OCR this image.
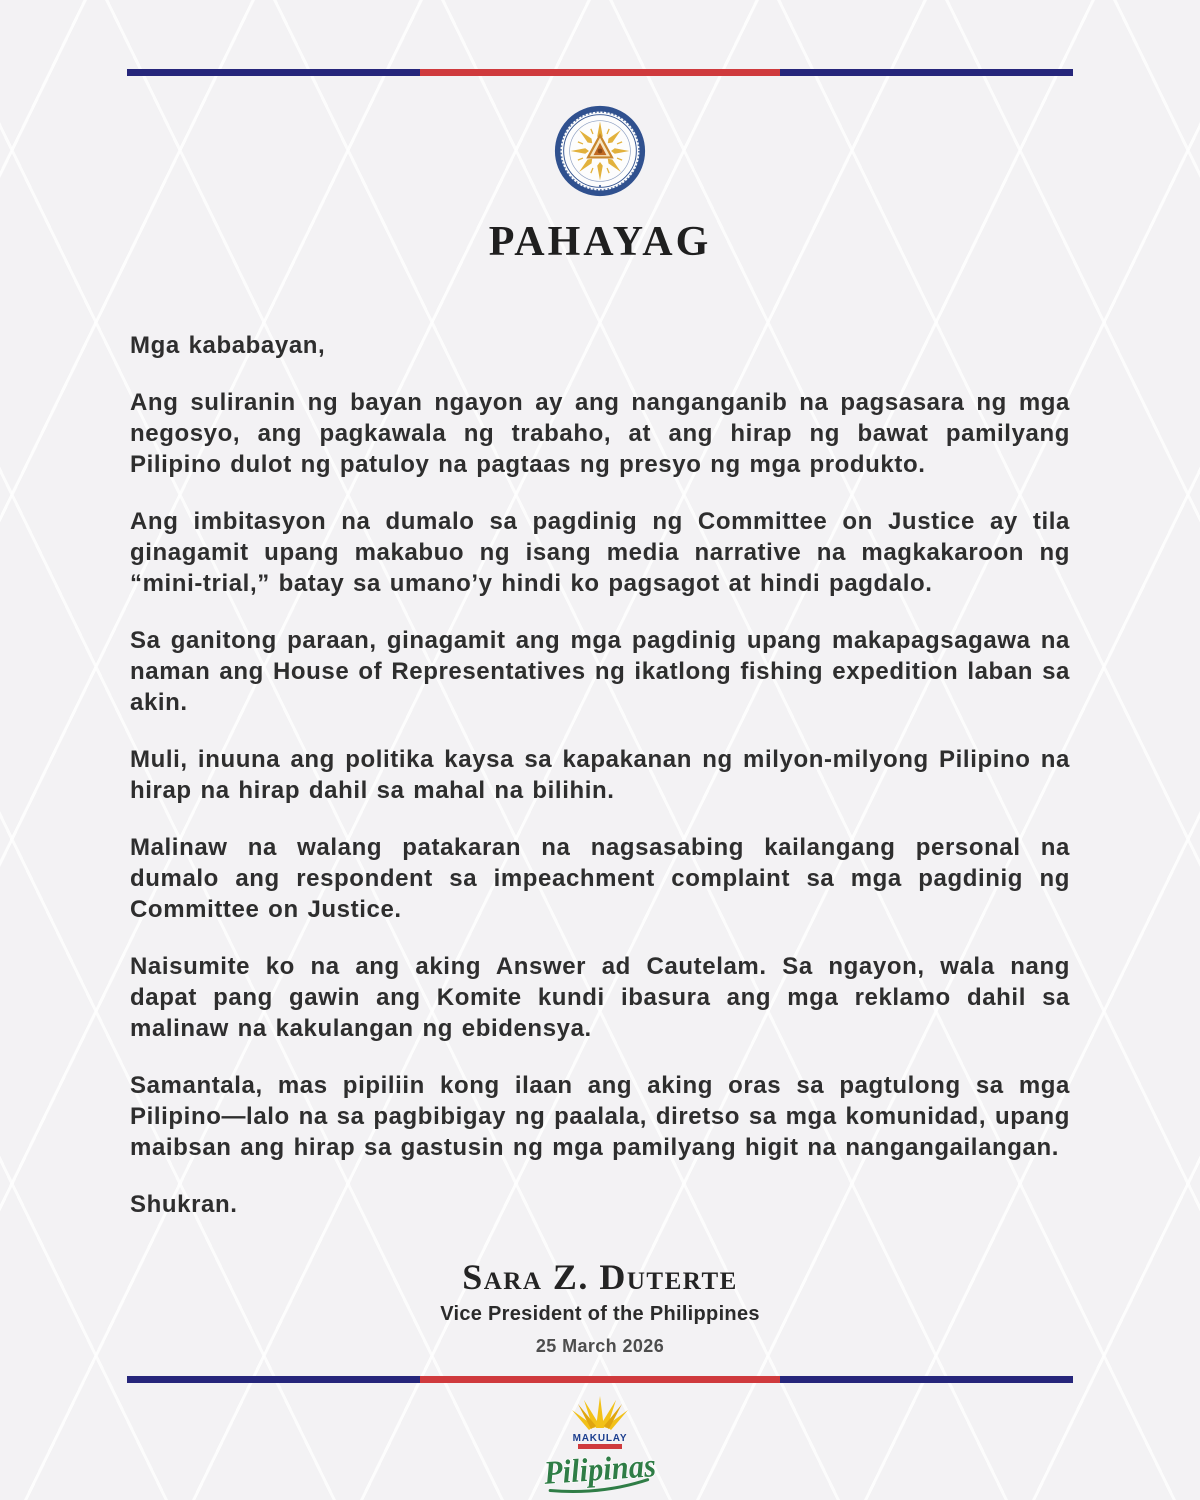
PAHAYAG

Mga kababayan,

Ang suliranin ng bayan ngayon ay ang nanganganib na pagsasara ng mga negosyo, ang pagkawala ng trabaho, at ang hirap ng bawat pamilyang Pilipino dulot ng patuloy na pagtaas ng presyo ng mga produkto.

Ang imbitasyon na dumalo sa pagdinig ng Committee on Justice ay tila ginagamit upang makabuo ng isang media narrative na magkakaroon ng “mini-trial,” batay sa umano’y hindi ko pagsagot at hindi pagdalo.

Sa ganitong paraan, ginagamit ang mga pagdinig upang makapagsagawa na naman ang House of Representatives ng ikatlong fishing expedition laban sa akin.

Muli, inuuna ang politika kaysa sa kapakanan ng milyon-milyong Pilipino na hirap na hirap dahil sa mahal na bilihin.

Malinaw na walang patakaran na nagsasabing kailangang personal na dumalo ang respondent sa impeachment complaint sa mga pagdinig ng Committee on Justice.

Naisumite ko na ang aking Answer ad Cautelam. Sa ngayon, wala nang dapat pang gawin ang Komite kundi ibasura ang mga reklamo dahil sa malinaw na kakulangan ng ebidensya.

Samantala, mas pipiliin kong ilaan ang aking oras sa pagtulong sa mga Pilipino—lalo na sa pagbibigay ng paalala, diretso sa mga komunidad, upang maibsan ang hirap sa gastusin ng mga pamilyang higit na nangangailangan.

Shukran.

Sara Z. Duterte
Vice President of the Philippines
25 March 2026
MAKULAY
Pilipinas
